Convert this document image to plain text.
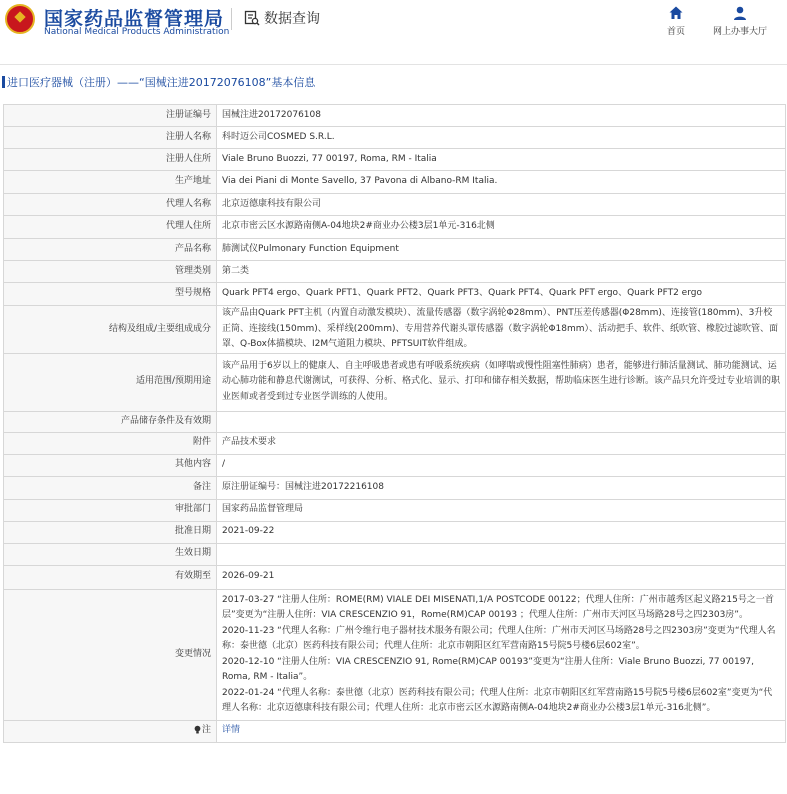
国家药品监督管理局
National Medical Products Administration
数据查询
首页	网上办事大厅
进口医疗器械（注册）——“国械注进20172076108”基本信息
注册证编号	国械注进20172076108
注册人名称	科时迈公司COSMED S.R.L.
注册人住所	Viale Bruno Buozzi, 77 00197, Roma, RM - Italia
生产地址	Via dei Piani di Monte Savello, 37 Pavona di Albano-RM Italia.
代理人名称	北京迈德康科技有限公司
代理人住所	北京市密云区水源路南侧A-04地块2#商业办公楼3层1单元-316北侧
产品名称	肺测试仪Pulmonary Function Equipment
管理类别	第二类
型号规格	Quark PFT4 ergo、Quark PFT1、Quark PFT2、Quark PFT3、Quark PFT4、Quark PFT ergo、Quark PFT2 ergo
结构及组成/主要组成成分	该产品由Quark PFT主机（内置自动激发模块）、流量传感器（数字涡轮Φ28mm）、PNT压差传感器(Φ28mm)、连接管(180mm)、3升校正筒、连接线(150mm)、采样线(200mm)、专用营养代谢头罩传感器（数字涡轮Φ18mm）、活动把手、软件、纸吹管、橡胶过滤吹管、面罩、Q-Box体描模块、I2M气道阻力模块、PFTSUIT软件组成。
适用范围/预期用途	该产品用于6岁以上的健康人、自主呼吸患者或患有呼吸系统疾病（如哮喘或慢性阻塞性肺病）患者，能够进行肺活量测试、肺功能测试、运动心肺功能和静息代谢测试，可获得、分析、格式化、显示、打印和储存相关数据，帮助临床医生进行诊断。该产品只允许受过专业培训的职业医师或者受到过专业医学训练的人使用。
产品储存条件及有效期	
附件	产品技术要求
其他内容	/
备注	原注册证编号：国械注进20172216108
审批部门	国家药品监督管理局
批准日期	2021-09-22
生效日期	
有效期至	2026-09-21
变更情况	2017-03-27 “注册人住所：ROME(RM) VIALE DEI MISENATI,1/A POSTCODE 00122；代理人住所：广州市越秀区起义路215号之一首层”变更为“注册人住所：VIA CRESCENZIO 91，Rome(RM)CAP 00193 ；代理人住所：广州市天河区马场路28号之四2303房”。
2020-11-23 “代理人名称：广州令维行电子器材技术服务有限公司；代理人住所：广州市天河区马场路28号之四2303房”变更为“代理人名称：泰世德（北京）医药科技有限公司；代理人住所：北京市朝阳区红军营南路15号院5号楼6层602室”。
2020-12-10 “注册人住所：VIA CRESCENZIO 91, Rome(RM)CAP 00193”变更为“注册人住所：Viale Bruno Buozzi, 77 00197, Roma, RM - Italia”。
2022-01-24 “代理人名称：泰世德（北京）医药科技有限公司；代理人住所：北京市朝阳区红军营南路15号院5号楼6层602室”变更为“代理人名称：北京迈德康科技有限公司；代理人住所：北京市密云区水源路南侧A-04地块2#商业办公楼3层1单元-316北侧”。

注	详情
